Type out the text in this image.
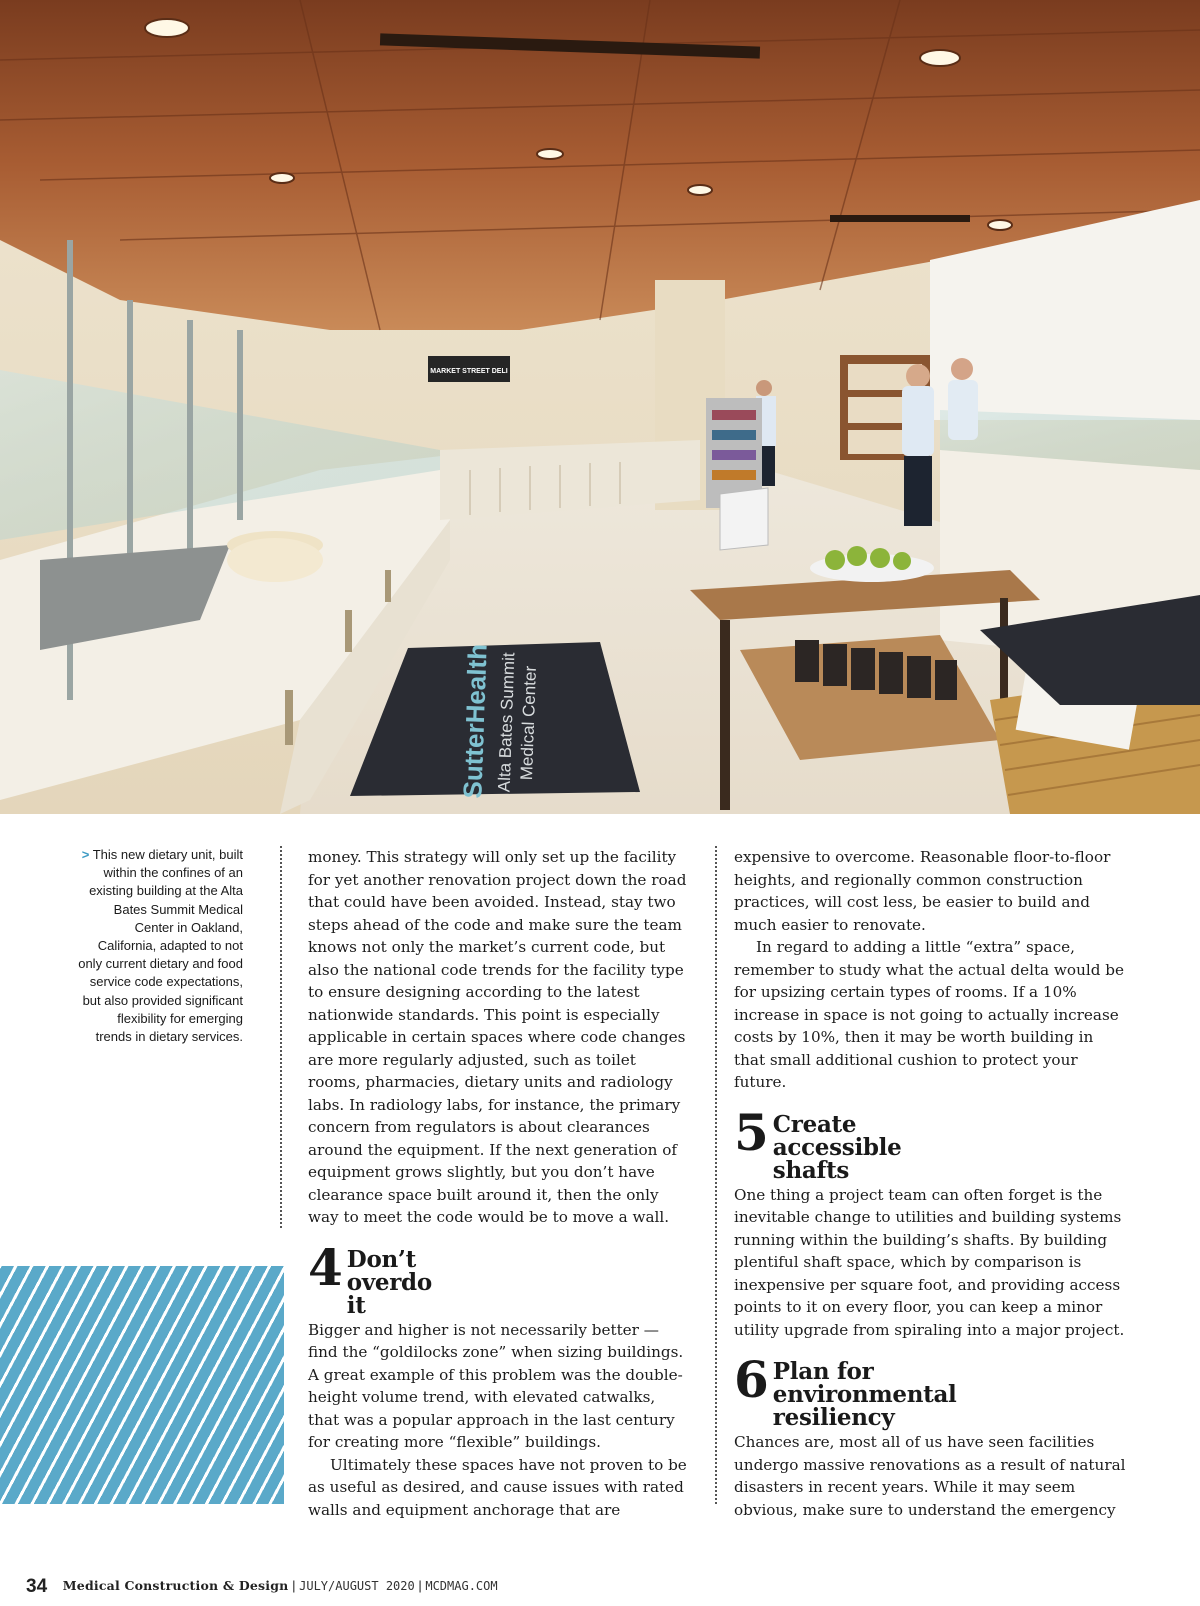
MARKET STREET DELI
SutterHealth Alta Bates Summit
Medical Center
> This new dietary unit, built within the confines of an existing building at the Alta Bates Summit Medical Center in Oakland, California, adapted to not only current dietary and food service code expectations, but also provided significant flexibility for emerging trends in dietary services.

money. This strategy will only set up the facility for yet another renovation project down the road that could have been avoided. Instead, stay two steps ahead of the code and make sure the team knows not only the market’s current code, but also the national code trends for the facility type to ensure designing according to the latest nationwide standards. This point is especially applicable in certain spaces where code changes are more regularly adjusted, such as toilet rooms, pharmacies, dietary units and radiology labs. In radiology labs, for instance, the primary concern from regulators is about clearances around the equipment. If the next generation of equipment grows slightly, but you don’t have clearance space built around it, then the only way to meet the code would be to move a wall.

4 Don’t overdo it

Bigger and higher is not necessarily better — find the “goldilocks zone” when sizing buildings. A great example of this problem was the double-height volume trend, with elevated catwalks, that was a popular approach in the last century for creating more “flexible” buildings.

Ultimately these spaces have not proven to be as useful as desired, and cause issues with rated walls and equipment anchorage that are

expensive to overcome. Reasonable floor-to-floor heights, and regionally common construction practices, will cost less, be easier to build and much easier to renovate.

In regard to adding a little “extra” space, remember to study what the actual delta would be for upsizing certain types of rooms. If a 10% increase in space is not going to actually increase costs by 10%, then it may be worth building in that small additional cushion to protect your future.

5 Create accessible shafts

One thing a project team can often forget is the inevitable change to utilities and building systems running within the building’s shafts. By building plentiful shaft space, which by comparison is inexpensive per square foot, and providing access points to it on every floor, you can keep a minor utility upgrade from spiraling into a major project.

6 Plan for environmental resiliency

Chances are, most all of us have seen facilities undergo massive renovations as a result of natural disasters in recent years. While it may seem obvious, make sure to understand the emergency

34 Medical Construction & Design | JULY/AUGUST 2020 | MCDMAG.COM
